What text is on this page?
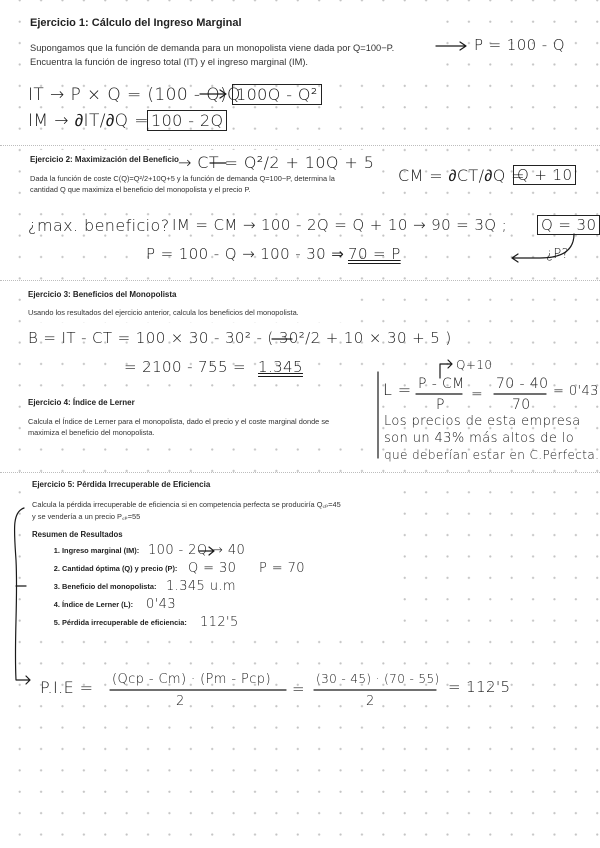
Ejercicio 1: Cálculo del Ingreso Marginal
Supongamos que la función de demanda para un monopolista viene dada por Q=100−P.
Encuentra la función de ingreso total (IT) y el ingreso marginal (IM).
P = 100 - Q
IT → P × Q = (100 - Q)Q
100Q - Q²
IM → ∂IT/∂Q = 100 - 2Q
Ejercicio 2: Maximización del Beneficio
Dada la función de coste C(Q)=Q²/2+10Q+5 y la función de demanda Q=100−P, determina la
cantidad Q que maximiza el beneficio del monopolista y el precio P.
→ CT = Q²/2 + 10Q + 5
CM = ∂CT/∂Q =
Q + 10
¿max. beneficio? IM = CM → 100 - 2Q = Q + 10 → 90 = 3Q ; Q = 30
P = 100 - Q → 100 - 30 ⇒ 70 = P	¿P?
Ejercicio 3: Beneficios del Monopolista
Usando los resultados del ejercicio anterior, calcula los beneficios del monopolista.
B = IT - CT = 100 × 30 - 30² - ( 30²/2 + 10 × 30 + 5 )
= 2100 - 755 = 1.345
Ejercicio 4: Índice de Lerner
Calcula el Índice de Lerner para el monopolista, dado el precio y el coste marginal donde se
maximiza el beneficio del monopolista.
Q+10
L = P - CM
P
=
70 - 40
70
= 0'43
Los precios de esta empresa
son un 43% más altos de lo
que deberían estar en C.Perfecta.
Ejercicio 5: Pérdida Irrecuperable de Eficiencia
Calcula la pérdida irrecuperable de eficiencia si en competencia perfecta se produciría Q꜀ₚ=45
y se vendería a un precio P꜀ₚ=55
Resumen de Resultados
1. Ingreso marginal (IM):
2. Cantidad óptima (Q) y precio (P):
3. Beneficio del monopolista:
4. Índice de Lerner (L):
5. Pérdida irrecuperable de eficiencia:
100 - 2Q → 40
Q = 30     P = 70
1.345 u.m
0'43
112'5
P.I.E = (Qcp - Cm) · (Pm - Pcp)
2
=
(30 - 45) · (70 - 55)
2
= 112'5
